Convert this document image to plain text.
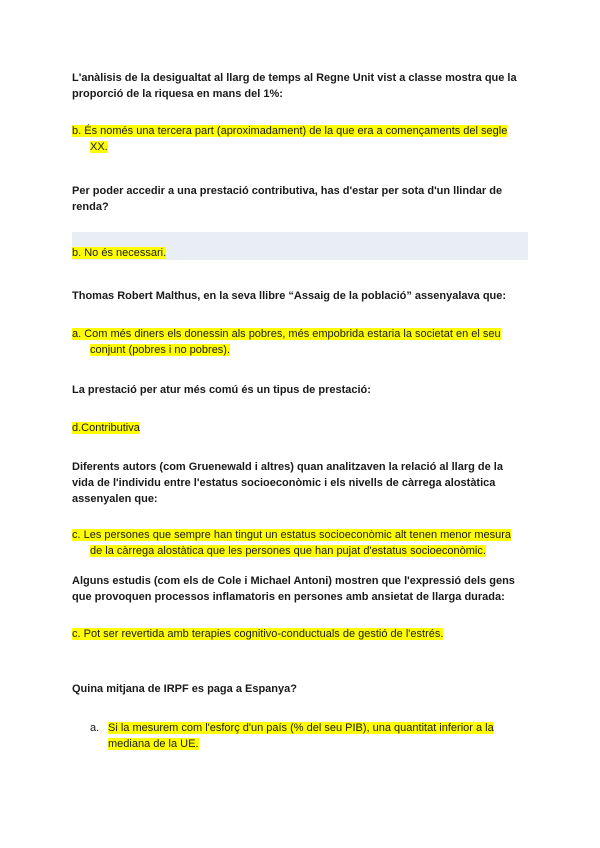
L'anàlisis de la desigualtat al llarg de temps al Regne Unit vist a classe mostra que la
proporció de la riquesa en mans del 1%:

b. És només una tercera part (aproximadament) de la que era a començaments del segle
XX.

Per poder accedir a una prestació contributiva, has d'estar per sota d'un llindar de
renda?

b. No és necessari.

Thomas Robert Malthus, en la seva llibre “Assaig de la població” assenyalava que:

a. Com més diners els donessin als pobres, més empobrida estaria la societat en el seu
conjunt (pobres i no pobres).

La prestació per atur més comú és un tipus de prestació:

d.Contributiva

Diferents autors (com Gruenewald i altres) quan analitzaven la relació al llarg de la
vida de l'individu entre l'estatus socioeconòmic i els nivells de càrrega alostàtica
assenyalen que:

c. Les persones que sempre han tingut un estatus socioeconòmic alt tenen menor mesura
de la càrrega alostàtica que les persones que han pujat d'estatus socioeconòmic.

Alguns estudis (com els de Cole i Michael Antoni) mostren que l'expressió dels gens
que provoquen processos inflamatoris en persones amb ansietat de llarga durada:

c. Pot ser revertida amb terapies cognitivo-conductuals de gestió de l'estrés.

Quina mitjana de IRPF es paga a Espanya?

a. Si la mesurem com l'esforç d'un país (% del seu PIB), una quantitat inferior a la
mediana de la UE.
